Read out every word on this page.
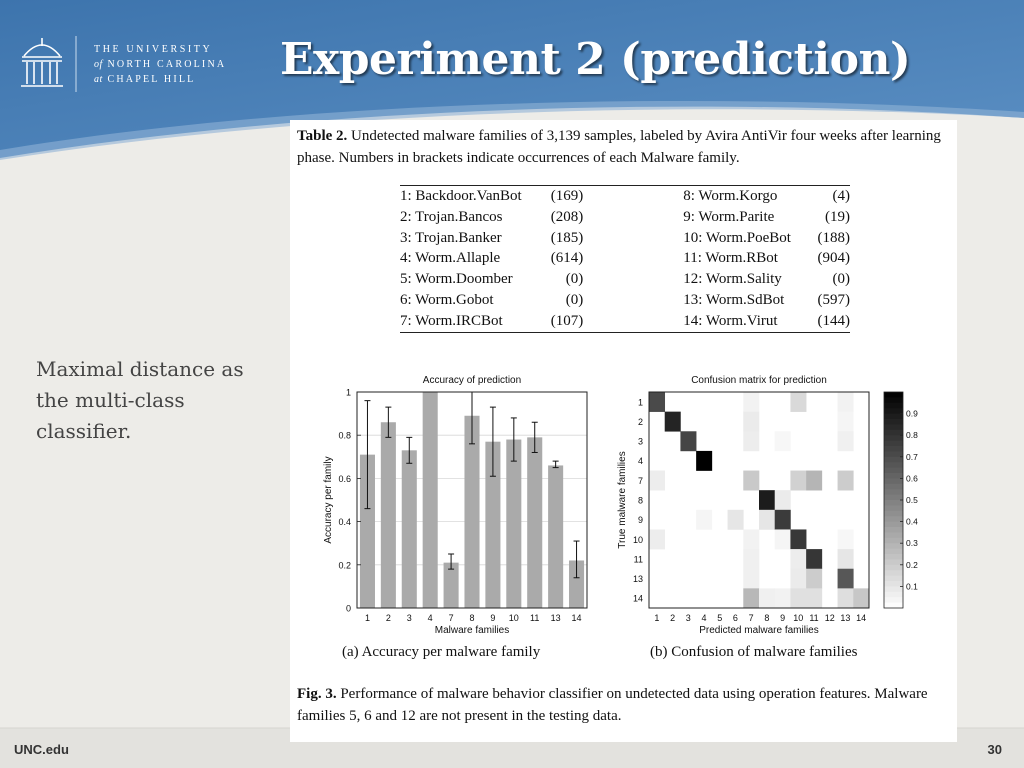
THE UNIVERSITY
of NORTH CAROLINA
at CHAPEL HILL	Experiment 2 (prediction)
Maximal distance as the multi-class classifier.
UNC.edu	30
Table 2. Undetected malware families of 3,139 samples, labeled by Avira AntiVir four weeks after learning phase. Numbers in brackets indicate occurrences of each Malware family.
1: Backdoor.VanBot	(169)		8: Worm.Korgo	(4)
2: Trojan.Bancos	(208)		9: Worm.Parite	(19)
3: Trojan.Banker	(185)		10: Worm.PoeBot	(188)
4: Worm.Allaple	(614)		11: Worm.RBot	(904)
5: Worm.Doomber	(0)		12: Worm.Sality	(0)
6: Worm.Gobot	(0)		13: Worm.SdBot	(597)
7: Worm.IRCBot	(107)		14: Worm.Virut	(144)
Accuracy of prediction
Malware families
Accuracy per family
0
0.2
0.4
0.6
0.8
1
1 2 3 4 7 8 9 10 11 13 14
Confusion matrix for prediction
Predicted malware families
True malware families
1 2 3 4 5 6 7 8 9 10 11 12 13 14
1
2
3
4
7
8
9
10
11
13
14
0.1
0.2
0.3
0.4
0.5
0.6
0.7
0.8
0.9
(a) Accuracy per malware family	(b) Confusion of malware families
Fig. 3. Performance of malware behavior classifier on undetected data using operation features. Malware families 5, 6 and 12 are not present in the testing data.
